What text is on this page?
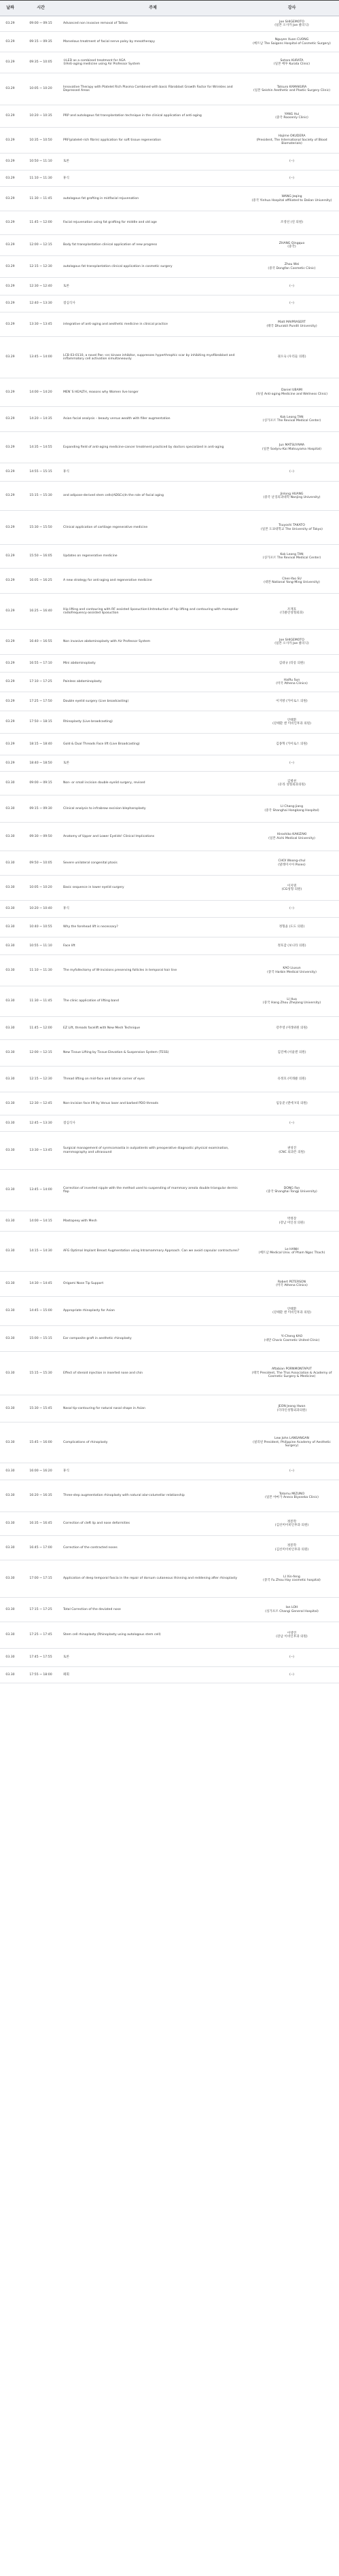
날짜	시간	주제	강사
03.29	09:00 ~ 09:15	Advanced non invasive removal of Tattoo	Joe SHIGEMOTO
(일본 오사카 Joe 클리닉)
03.29	09:15 ~ 09:35	Marvelous treatment of facial nerve palsy by mesotherapy	Nguyen Xuan CUONG
(베트남 The Saigons Hospital of Cosmetic Surgery)
03.29	09:35 ~ 10:05	①LED as a combined treatment for AGA
②Anti-aging medicine using Air Professor System	Sotaro KURATA
(일본 베루 Kurata Clinic)
03.29	10:05 ~ 10:20	Innovative Therapy with Platelet Rich Plasma Combined with basic Fibroblast Growth Factor for Wrinkles and Depressed Areas	Tatsuro KAMAKURA
(일본 Seishin Aesthetic and Plastic Surgery Clinic)
03.29	10:20 ~ 10:35	PRP and autologous fat transplantation technique in the clinical application of anti-aging	YANG Hui
(중국 Roosenly Clinic)
03.29	10:35 ~ 10:50	PRF(platelet-rich fibrin) application for soft tissue regeneration	Hajime OKUDERA
(President, The International Society of Blood Biomaterials)
03.29	10:50 ~ 11:10	토론	(--)
03.29	11:10 ~ 11:30	휴식	(--)
03.29	11:30 ~ 11:45	autologous fat grafting in midfacial rejuvenation	WANG Jeqing
(중국 Yinhua Hospital affiliated to Dalian University)
03.29	11:45 ~ 12:00	Facial rejuvenation using fat grafting for middle and old age	조영선 (연 의원)
03.29	12:00 ~ 12:15	Body fat transplantation clinical application of new progress	ZHANG Qingquo
(중국)
03.29	12:15 ~ 12:30	autologous fat transplantation clinical application in cosmetic surgery	Zhou Wei
(중국 Dongfan Cosmetic Clinic)
03.29	12:30 ~ 12:40	토론	(--)
03.29	12:40 ~ 13:30	점심식사	(--)
03.29	13:30 ~ 13:45	integrative of anti-aging and aesthetic medicine in clinical practice	Matt MAIPRASERT
(태국 Dhurakit Pundit University)
03.29	13:45 ~ 14:00	LCB 03-0110, a novel Pan -src kinase inhibitor, suppresses hyperthrophic scar by inhibiting myofibroblast and inflammatory cell activation simultaneously	권오숙 (우리들 의원)
03.29	14:00 ~ 14:20	MEN`S HEALTH, reasons why Women live longer	Daniel UBAMI
(독일 Anti-aging Medicine and Wellness Clinic)
03.29	14:20 ~ 14:35	Asian facial analysis – beauty versus wealth with filler augmentation	Kok Leong TAN
(싱가포르 The Revival Medical Center)
03.29	14:35 ~ 14:55	Expanding field of anti-aging medicine-cancer treatment practiced by doctors specialized in anti-aging	Jun MATSUYAMA
(일본 Sodyru-Kai Matsuyama Hospital)
03.29	14:55 ~ 15:15	휴식	(--)
03.29	15:15 ~ 15:30	and adipose-derived stem cells(ADSCs)In the role of facial aging	Jinlong HUANG
(중국 난징의과대학 Nanjing University)
03.29	15:30 ~ 15:50	Clinical application of cartilage regenerative medicine	Tsuyoshi TAKATO
(일본 도쿄대학교 The University of Tokyo)
03.29	15:50 ~ 16:05	Updates on regenerative medicine	Kok Leong TAN
(싱가포르 The Revival Medical Center)
03.29	16:05 ~ 16:25	A new strategy for anti-aging and regenerative medicine	Chen-Yao SU
(대만 National Yang-Ming University)
03.29	16:25 ~ 16:40	Hip lifting and contouring with RF assisted liposuction①Introduction of hip lifting and contouring with monopolar radiofrequency-assisted liposuction	조재호
(더클린성형외과)
03.29	16:40 ~ 16:55	Non invasive abdominoplasty with Air Professor System	Joe SHIGEMOTO
(일본 오사카 Joe 클리닉)
03.29	16:55 ~ 17:10	Mini abdominoplasty	김대규 (티롱 의원)
03.29	17:10 ~ 17:25	Painless abdominoplasty	HaiRu Sun
(미국 Athena Clinics)
03.29	17:25 ~ 17:50	Double eyelid surgery (Live broadcasting)	이지방 (카이로스 의원)
03.29	17:50 ~ 18:15	Rhinoplasty (Live broadcasting)	안태환
(강태환 앤 이비인후과 의원)
03.29	18:15 ~ 18:40	Gold & Dual Threads Face lift (Live Broadcasting)	김종혁 (카이로스 의원)
03.29	18:40 ~ 18:50	토론	(--)
03.30	09:00 ~ 09:15	Non- or small incision double eyelid surgery, revised	김병천
(유라 성형외과의원)
03.30	09:15 ~ 09:30	Clinical analysis to infrabrow excision blepharoplasty	LI Chang-jiang
(중국 Shanghai Hongkang Hospital)
03.30	09:30 ~ 09:50	Anatomy of Upper and Lower Eyelids! Clinical Implications	Hiroshiko KAKIZAKI
(일본 Aichi Medical University)
03.30	09:50 ~ 10:05	Severe unilateral congenital ptosis	CHOI Woong-chul
(말레이시아 Pixies)
03.30	10:05 ~ 10:20	Basic sequence in lower eyelid surgery	이지명
(CG성형 의원)
03.30	10:20 ~ 10:40	휴식	(--)
03.30	10:40 ~ 10:55	Why the forehead lift is necessary?	정형윤 (도도 의원)
03.30	10:55 ~ 11:10	Face lift	정호갑 (보니라 의원)
03.30	11:10 ~ 11:30	The myfollectomy of W-incisions preserving follicles in temporal hair line	KAO Liuxun
(중국 Harbin Medical University)
03.30	11:30 ~ 11:45	The clinic application of lifting band	LI Hua
(중국 Hang Zhou Zhejiang University)
03.30	11:45 ~ 12:00	EZ Lift, threads facelift with New Mesh Technique	강주영 (미레위원 의원)
03.30	12:00 ~ 12:15	New Tissue Lifting by Tissue Elevation & Suspension System (TESS)	김진배 (서울앤 의원)
03.30	12:15 ~ 12:30	Thread lifting on mid-face and lateral corner of eyes	유정호 (미래클 의원)
03.30	12:30 ~ 12:45	Non-incision face lift by Venus laser and barbed PDO threads	임동준 (앤에 Y의 의원)
03.30	12:45 ~ 13:30	점심식사	(--)
03.30	13:30 ~ 13:45	Surgical management of synmcomastia in outpatients with preoperative diagnostic physical examination, mammography and ultrasound	권성진
(CNC 외과튼 의원)
03.30	13:45 ~ 14:00	Correction of inverted nipple with the method used to suspending of mammary areola double triangular dermis flap	DONG Fan
(중국 Shanghai Tongji University)
03.30	14:00 ~ 14:15	Mastopexy with Mesh	박정장
(강남 미인성 의원)
03.30	14:15 ~ 14:30	AFG Optimal Implant Breast Augmentation using Intramammary Approach. Can we avoid capsular contractures?	Le HANH
(베트남 Medical Univ. of Pham Ngoc Thach)
03.30	14:30 ~ 14:45	Origami Nose Tip Support	Robert PETERSON
(미국 Athena Clinics)
03.30	14:45 ~ 15:00	Appropriate rhinoplasty for Asian	안태환
(강태환 앤 이비인후과 의원)
03.30	15:00 ~ 15:15	Ear composite graft in aesthetic rhinoplasty	Yi-Cheng KAO
(대만 Charis Cosmetic United Clinic)
03.30	15:15 ~ 15:30	Effect of steroid injection in inserted nose and chin	Aftabian PORNMONTAPUT
(태국 President, The Thai Association & Academy of Cosmetic Surgery & Medicine)
03.30	15:30 ~ 15:45	Nasal tip-contouring for natural nasal shape in Asian	JEON Jeong Hwan
(더라인성형외과의원)
03.30	15:45 ~ 16:00	Complications of rhinoplasty	Lew John LANSANGAN
(필리핀 President, Philippine Academy of Aesthetic Surgery)
03.30	16:00 ~ 16:20	휴식	(--)
03.30	16:20 ~ 16:35	Three-step augmentation rhinoplasty with natural alar-columellar relationship	Totomu MIZUNO
(일본 야마가 Aneco Biyoseka Clinic)
03.30	16:35 ~ 16:45	Correction of cleft lip and nose deformities	정봉학
(김선미이비인후과 의원)
03.30	16:45 ~ 17:00	Correction of the contracted noses	정봉학
(김선미이비인후과 의원)
03.30	17:00 ~ 17:15	Application of deep temporal fascia in the repair of dorsum cutaneous thinning and reddening after rhinoplasty	LI Xin-feng
(중국 Fu Zhou Hay cosmetic hospital)
03.30	17:15 ~ 17:25	Total Correction of the deviated nose	Ian LOH
(싱가포르 Changi General Hospital)
03.30	17:25 ~ 17:45	Stem cell rhinoplasty (Rhinoplasty using autologous stem cell)	이영민
(강남 이비인후과 의원)
03.30	17:45 ~ 17:55	토론	(--)
03.30	17:55 ~ 18:00	폐회	(--)
